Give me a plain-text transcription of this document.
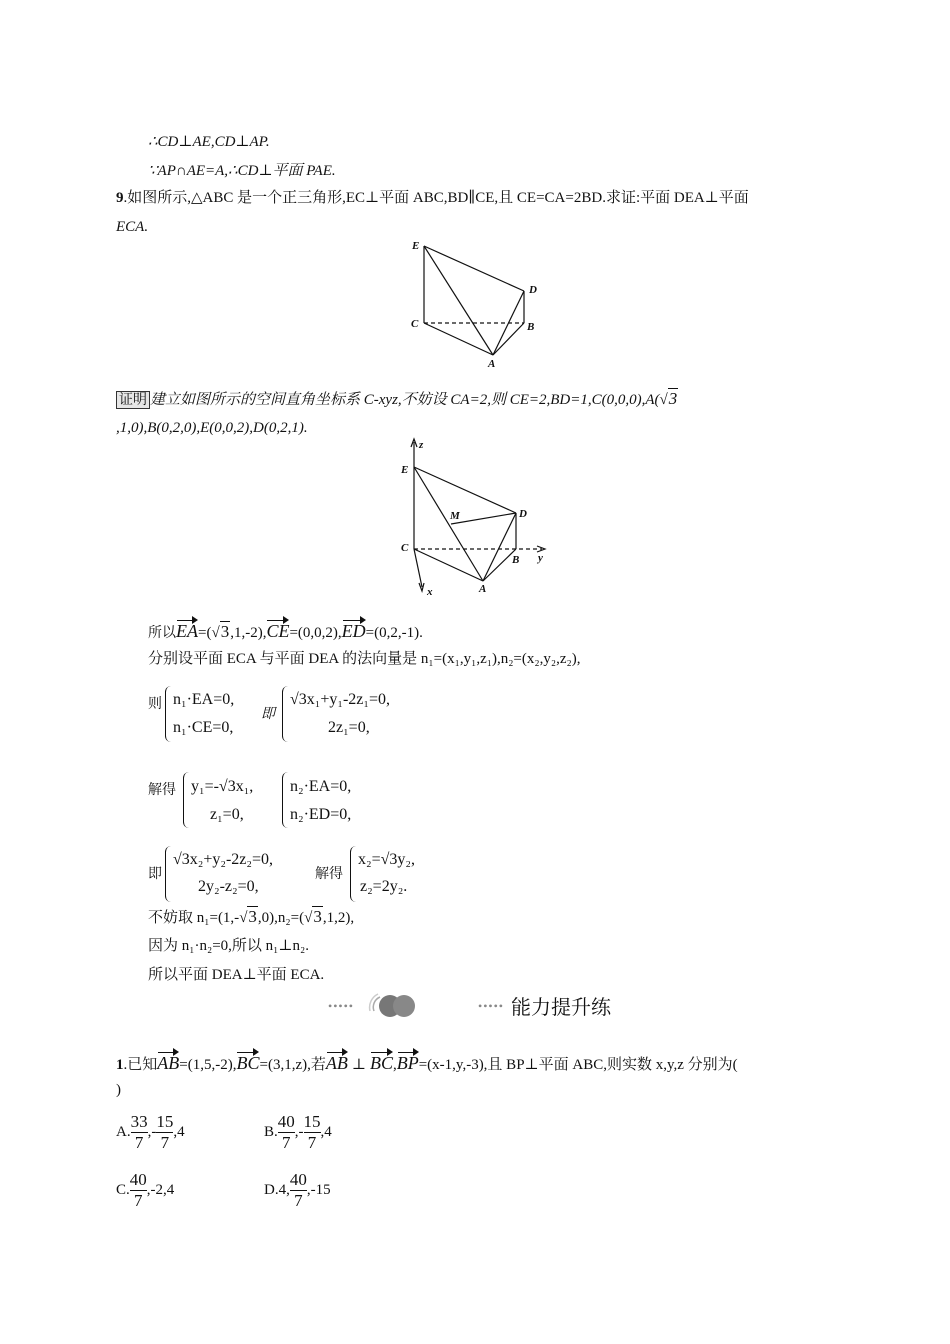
∴CD⊥AE,CD⊥AP.
∵AP∩AE=A,∴CD⊥平面 PAE.
9.如图所示,△ABC 是一个正三角形,EC⊥平面 ABC,BD∥CE,且 CE=CA=2BD.求证:平面 DEA⊥平面
ECA.
E
D
C	B
A
证明 建立如图所示的空间直角坐标系 C-xyz,不妨设 CA=2,则 CE=2,BD=1,C(0,0,0),A(√3
,1,0),B(0,2,0),E(0,0,2),D(0,2,1).
z
E
M	D
C
B y
A
x
所以EA=(√3,1,-2),CE=(0,0,2),ED=(0,2,-1).
分别设平面 ECA 与平面 DEA 的法向量是 n₁=(x₁,y₁,z₁),n₂=(x₂,y₂,z₂),
则 n₁·EA=0,
n₁·CE=0,
即
√3x₁+y₁-2z₁=0,
2z₁=0,
解得 y₁=-√3x₁,
z₁=0,
n₂·EA=0,
n₂·ED=0,
即
√3x₂+y₂-2z₂=0,
2y₂-z₂=0,
解得
x₂=√3y₂,
z₂=2y₂.
不妨取 n₁=(1,-√3,0),n₂=(√3,1,2),
因为 n₁·n₂=0,所以 n₁⊥n₂.
所以平面 DEA⊥平面 ECA.
•••••	••••• 能力提升练
1.已知AB=(1,5,-2),BC=(3,1,z),若AB ⊥ BC,BP=(x-1,y,-3),且 BP⊥平面 ABC,则实数 x,y,z 分别为(
)
A. $\frac{33}{7}$ ,- $\frac{15}{7} ,4$	B. $\frac{40}{7}$ ,- $\frac{15}{7} ,4$
C. $\frac{40}{7} ,-2,4$	D.4, $\frac{40}{7} ,-15$
